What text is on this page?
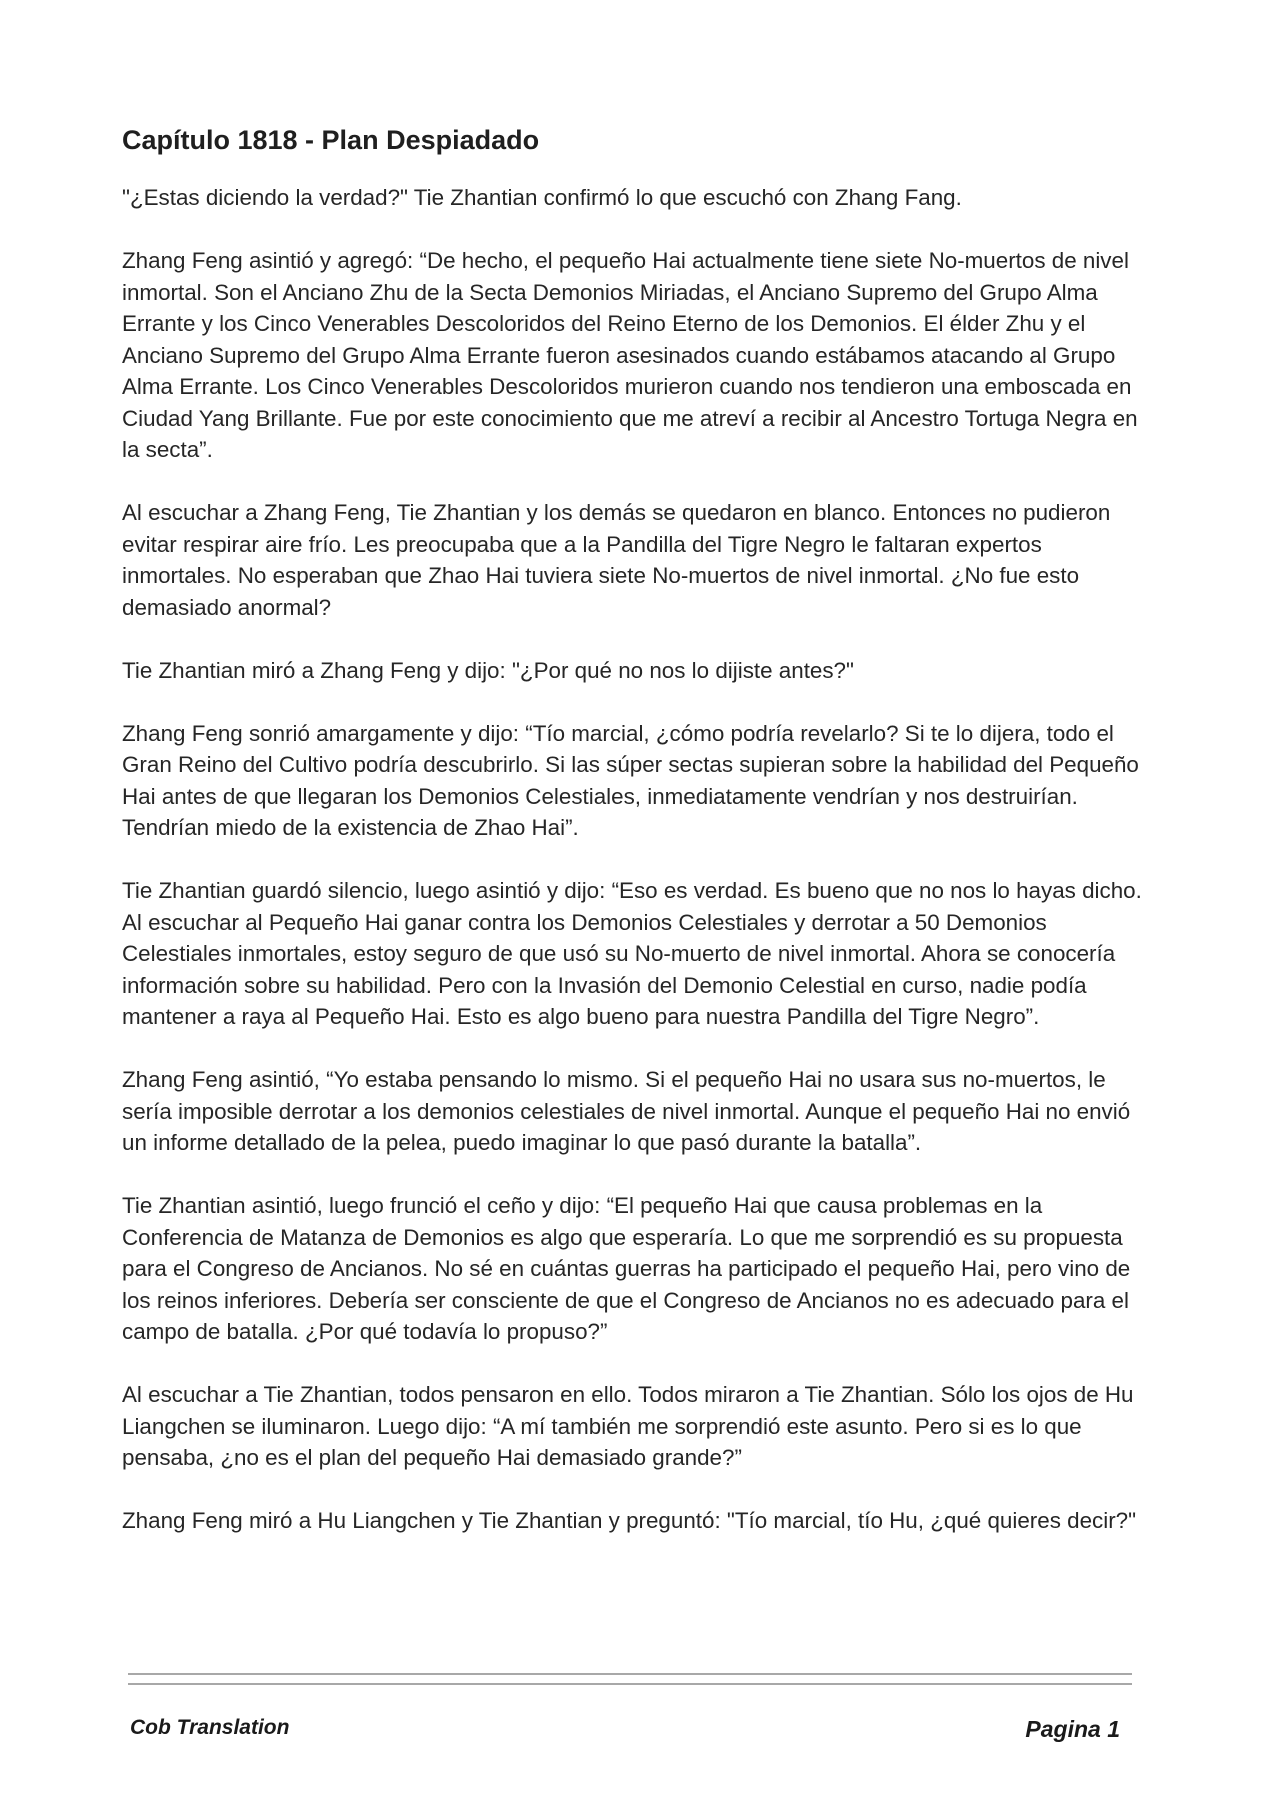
Capítulo 1818 - Plan Despiadado

"¿Estas diciendo la verdad?" Tie Zhantian confirmó lo que escuchó con Zhang Fang.

Zhang Feng asintió y agregó: “De hecho, el pequeño Hai actualmente tiene siete No-muertos de nivel inmortal. Son el Anciano Zhu de la Secta Demonios Miriadas, el Anciano Supremo del Grupo Alma Errante y los Cinco Venerables Descoloridos del Reino Eterno de los Demonios. El élder Zhu y el Anciano Supremo del Grupo Alma Errante fueron asesinados cuando estábamos atacando al Grupo Alma Errante. Los Cinco Venerables Descoloridos murieron cuando nos tendieron una emboscada en Ciudad Yang Brillante. Fue por este conocimiento que me atreví a recibir al Ancestro Tortuga Negra en la secta”.

Al escuchar a Zhang Feng, Tie Zhantian y los demás se quedaron en blanco. Entonces no pudieron evitar respirar aire frío. Les preocupaba que a la Pandilla del Tigre Negro le faltaran expertos inmortales. No esperaban que Zhao Hai tuviera siete No-muertos de nivel inmortal. ¿No fue esto demasiado anormal?

Tie Zhantian miró a Zhang Feng y dijo: "¿Por qué no nos lo dijiste antes?"

Zhang Feng sonrió amargamente y dijo: “Tío marcial, ¿cómo podría revelarlo? Si te lo dijera, todo el Gran Reino del Cultivo podría descubrirlo. Si las súper sectas supieran sobre la habilidad del Pequeño Hai antes de que llegaran los Demonios Celestiales, inmediatamente vendrían y nos destruirían. Tendrían miedo de la existencia de Zhao Hai”.

Tie Zhantian guardó silencio, luego asintió y dijo: “Eso es verdad. Es bueno que no nos lo hayas dicho. Al escuchar al Pequeño Hai ganar contra los Demonios Celestiales y derrotar a 50 Demonios Celestiales inmortales, estoy seguro de que usó su No-muerto de nivel inmortal. Ahora se conocería información sobre su habilidad. Pero con la Invasión del Demonio Celestial en curso, nadie podía mantener a raya al Pequeño Hai. Esto es algo bueno para nuestra Pandilla del Tigre Negro”.

Zhang Feng asintió, “Yo estaba pensando lo mismo. Si el pequeño Hai no usara sus no-muertos, le sería imposible derrotar a los demonios celestiales de nivel inmortal. Aunque el pequeño Hai no envió un informe detallado de la pelea, puedo imaginar lo que pasó durante la batalla”.

Tie Zhantian asintió, luego frunció el ceño y dijo: “El pequeño Hai que causa problemas en la Conferencia de Matanza de Demonios es algo que esperaría. Lo que me sorprendió es su propuesta para el Congreso de Ancianos. No sé en cuántas guerras ha participado el pequeño Hai, pero vino de los reinos inferiores. Debería ser consciente de que el Congreso de Ancianos no es adecuado para el campo de batalla. ¿Por qué todavía lo propuso?”

Al escuchar a Tie Zhantian, todos pensaron en ello. Todos miraron a Tie Zhantian. Sólo los ojos de Hu Liangchen se iluminaron. Luego dijo: “A mí también me sorprendió este asunto. Pero si es lo que pensaba, ¿no es el plan del pequeño Hai demasiado grande?”

Zhang Feng miró a Hu Liangchen y Tie Zhantian y preguntó: "Tío marcial, tío Hu, ¿qué quieres decir?"

Cob Translation	Pagina 1
